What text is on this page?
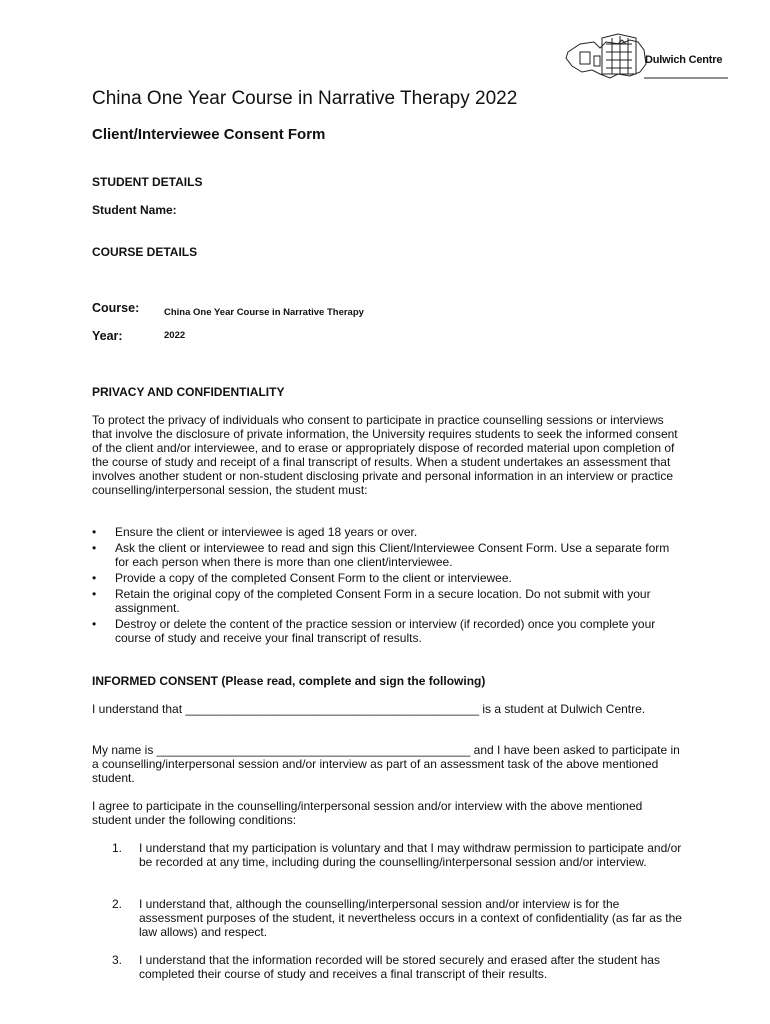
Dulwich Centre
China One Year Course in Narrative Therapy 2022
Client/Interviewee Consent Form
STUDENT DETAILS
Student Name:
COURSE DETAILS
Course:	China One Year Course in Narrative Therapy
Year:	2022
PRIVACY AND CONFIDENTIALITY
To protect the privacy of individuals who consent to participate in practice counselling sessions or interviews that involve the disclosure of private information, the University requires students to seek the informed consent of the client and/or interviewee, and to erase or appropriately dispose of recorded material upon completion of the course of study and receipt of a final transcript of results. When a student undertakes an assessment that involves another student or non-student disclosing private and personal information in an interview or practice counselling/interpersonal session, the student must:
• Ensure the client or interviewee is aged 18 years or over.
• Ask the client or interviewee to read and sign this Client/Interviewee Consent Form. Use a separate form for each person when there is more than one client/interviewee.
• Provide a copy of the completed Consent Form to the client or interviewee.
• Retain the original copy of the completed Consent Form in a secure location. Do not submit with your assignment.
• Destroy or delete the content of the practice session or interview (if recorded) once you complete your course of study and receive your final transcript of results.
INFORMED CONSENT (Please read, complete and sign the following)
I understand that ____________________________________________ is a student at Dulwich Centre.
My name is _______________________________________________ and I have been asked to participate in a counselling/interpersonal session and/or interview as part of an assessment task of the above mentioned student.
I agree to participate in the counselling/interpersonal session and/or interview with the above mentioned student under the following conditions:
1. I understand that my participation is voluntary and that I may withdraw permission to participate and/or be recorded at any time, including during the counselling/interpersonal session and/or interview.
2. I understand that, although the counselling/interpersonal session and/or interview is for the assessment purposes of the student, it nevertheless occurs in a context of confidentiality (as far as the law allows) and respect.
3. I understand that the information recorded will be stored securely and erased after the student has completed their course of study and receives a final transcript of their results.
